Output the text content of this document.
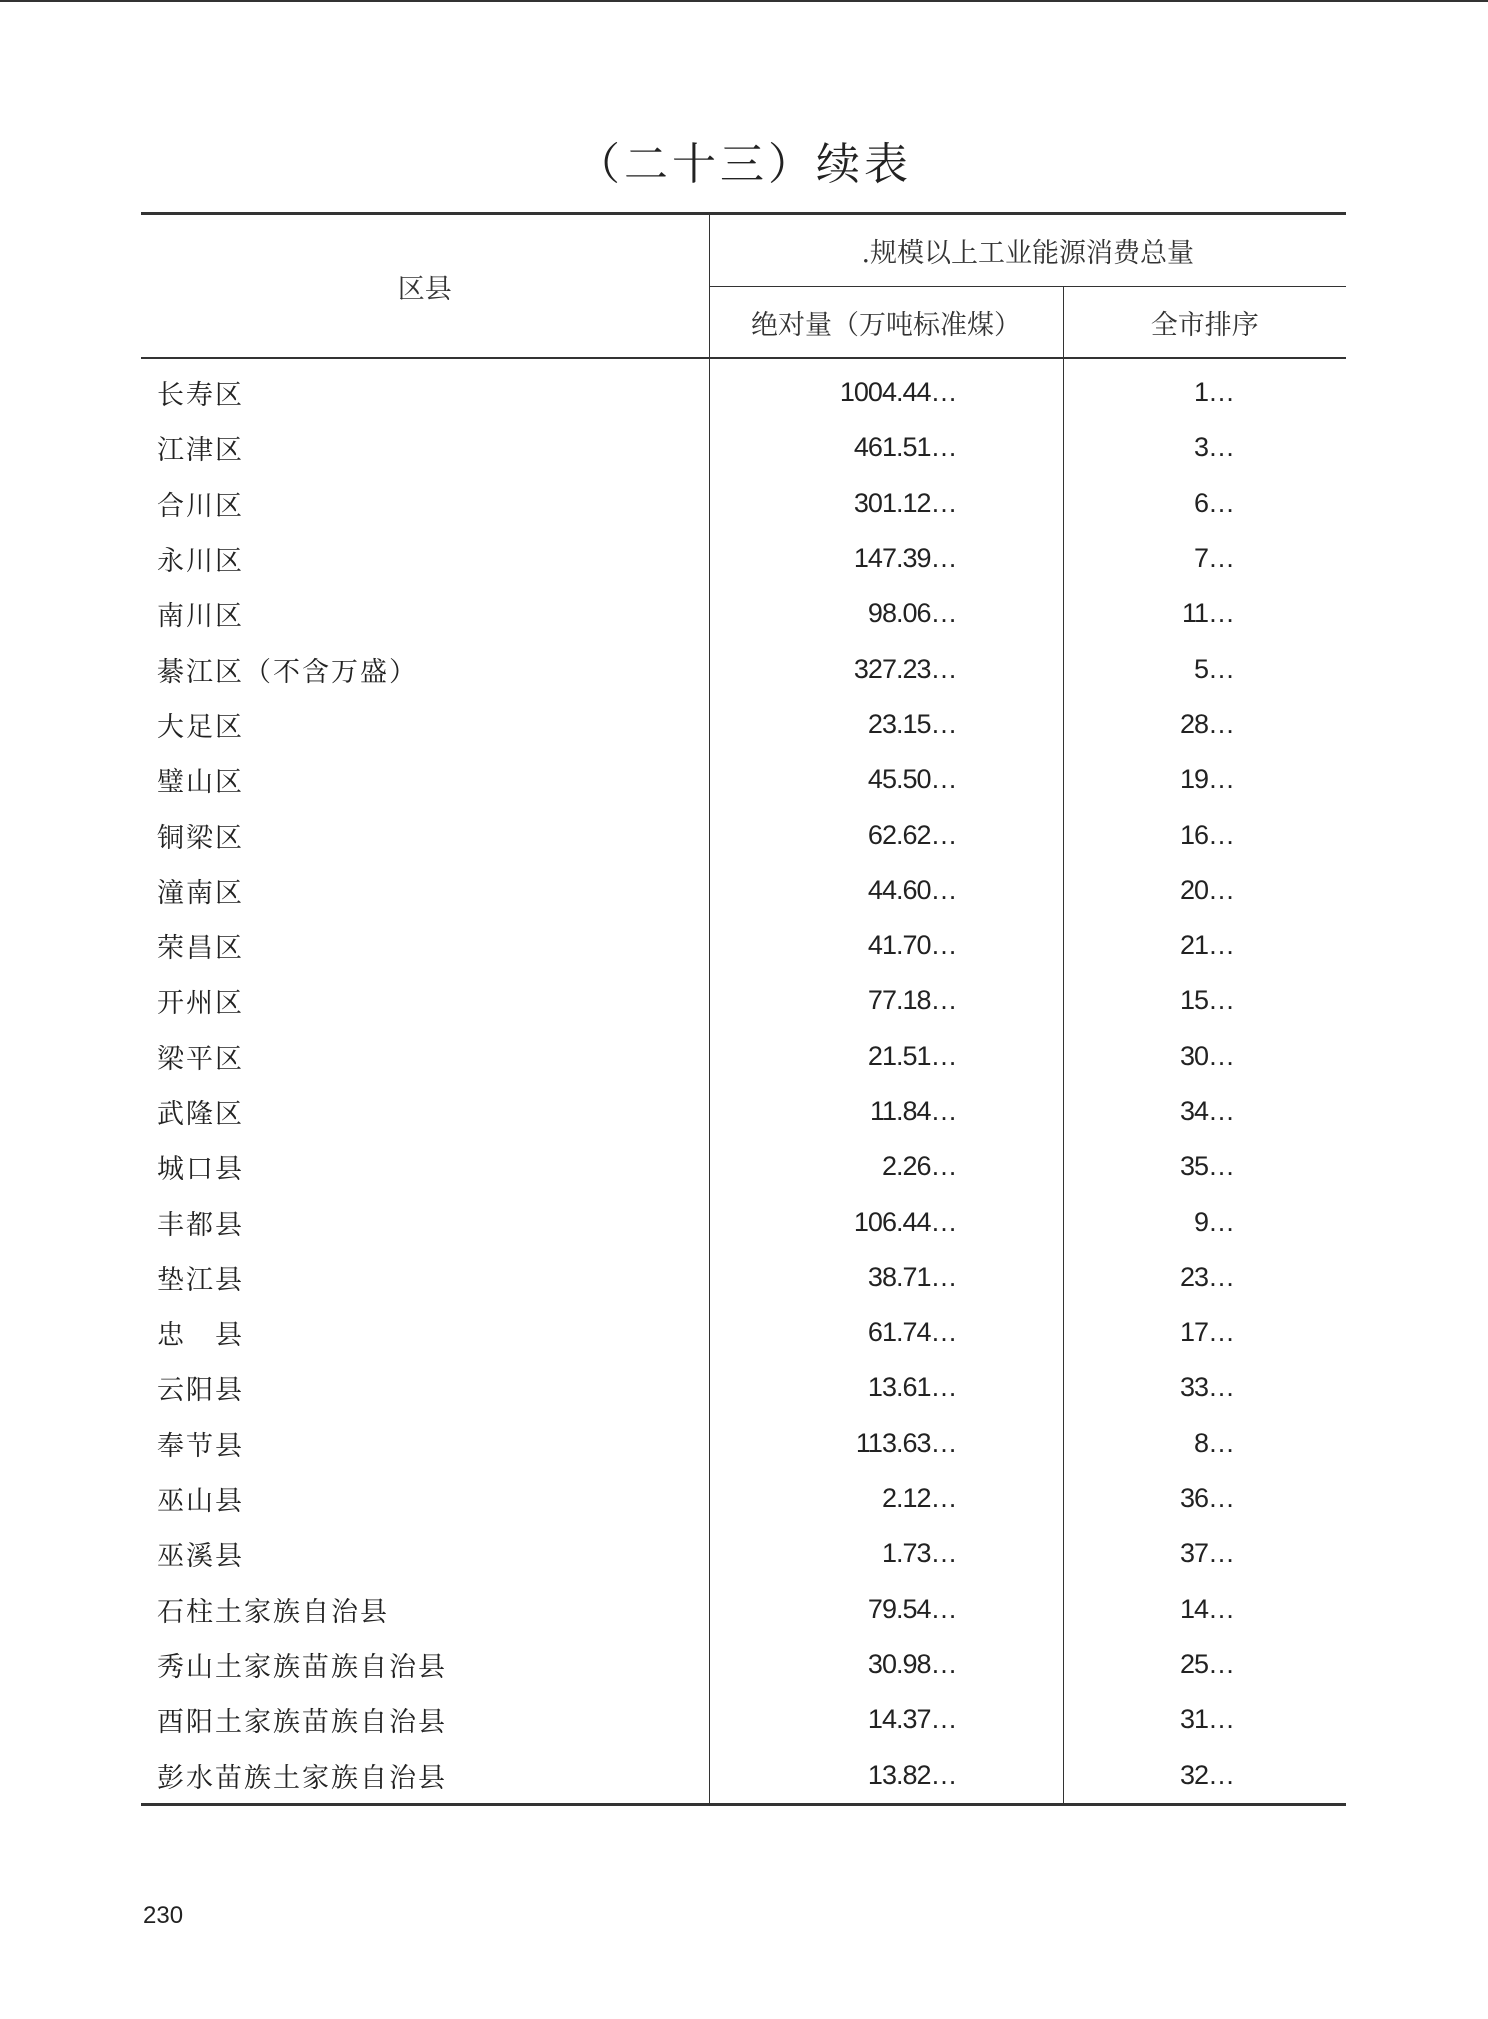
（二十三）续表
区县	.规模以上工业能源消费总量	
	绝对量（万吨标准煤）	全市排序
长寿区	1004.44…	1…
江津区	461.51…	3…
合川区	301.12…	6…
永川区	147.39…	7…
南川区	98.06…	11…
綦江区（不含万盛）	327.23…	5…
大足区	23.15…	28…
璧山区	45.50…	19…
铜梁区	62.62…	16…
潼南区	44.60…	20…
荣昌区	41.70…	21…
开州区	77.18…	15…
梁平区	21.51…	30…
武隆区	11.84…	34…
城口县	2.26…	35…
丰都县	106.44…	9…
垫江县	38.71…	23…
忠　县	61.74…	17…
云阳县	13.61…	33…
奉节县	113.63…	8…
巫山县	2.12…	36…
巫溪县	1.73…	37…
石柱土家族自治县	79.54…	14…
秀山土家族苗族自治县	30.98…	25…
酉阳土家族苗族自治县	14.37…	31…
彭水苗族土家族自治县	13.82…	32…
230
